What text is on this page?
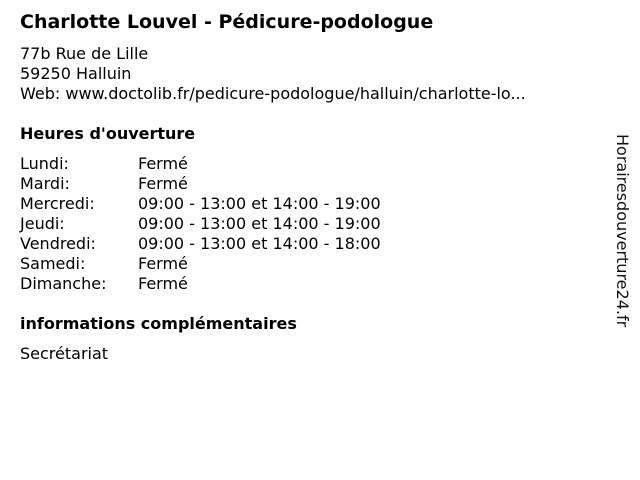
Charlotte Louvel - Pédicure-podologue
77b Rue de Lille
59250 Halluin
Web: www.doctolib.fr/pedicure-podologue/halluin/charlotte-lo...
Heures d'ouverture
Lundi:	Fermé
Mardi:	Fermé
Mercredi:	09:00 - 13:00 et 14:00 - 19:00
Jeudi:	09:00 - 13:00 et 14:00 - 19:00
Vendredi:	09:00 - 13:00 et 14:00 - 18:00
Samedi:	Fermé
Dimanche: Fermé
informations complémentaires
Secrétariat
Horairesdouverture24.fr
